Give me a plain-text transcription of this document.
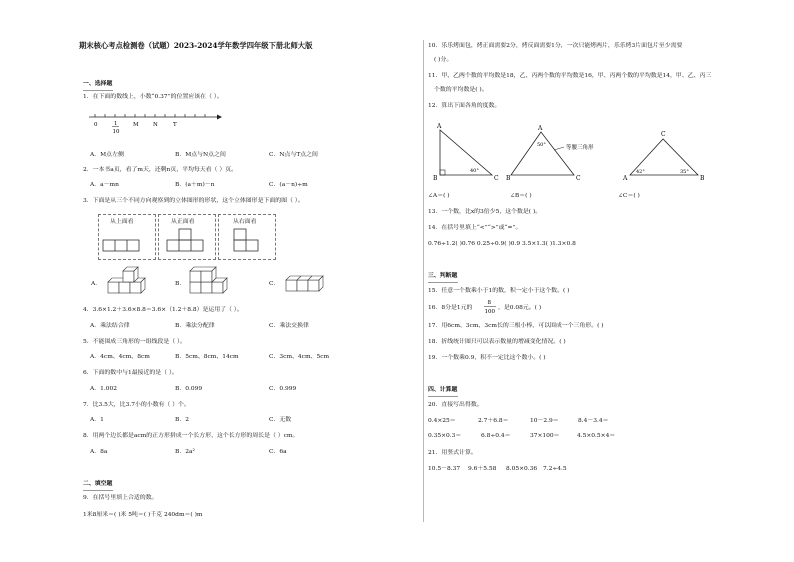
期末核心考点检测卷（试题）2023-2024学年数学四年级下册北师大版
一、选择题
1．在下面的数线上，小数“0.37”的位置应该在（ ）。
0	1
10
M	N	T
A．M点左侧	B．M点与N点之间	C．N点与T点之间
2．一本书a页，看了m天，还剩n页，平均每天看（ ）页。
A．a－mn	B．(a＋m)－n	C．(a－n)÷m
3．下面是从三个不同方向观察到的立体图形的形状，这个立体图形是下面的图（ ）。
从上面看	从正面看	从右面看
A．	B．	C．
4．3.6×1.2＋3.6×8.8＝3.6×（1.2＋8.8）是运用了（ ）。
A．乘法结合律	B．乘法分配律	C．乘法交换律
5．不能围成三角形的一组线段是（ ）。
A．4cm、4cm、8cm	B．5cm、8cm、14cm	C．3cm、4cm、5cm
6．下面的数中与1最接近的是（ ）。
A．1.002	B．0.099	C．0.999
7．比3.5大，比3.7小的小数有（ ）个。
A．1	B．2	C．无数
8．用两个边长都是acm的正方形拼成一个长方形，这个长方形的周长是（ ）cm。
A．8a	B．2a²	C．6a
二、填空题
9．在括号里填上合适的数。
1米8厘米＝( )米 5吨＝( )千克 240dm＝( )m
10．乐乐烤面包，烤正面需要2分，烤反面需要1分，一次只能烤两片，乐乐烤3片面包片至少需要
( )分。
11．甲、乙两个数的平均数是18，乙、丙两个数的平均数是16，甲、丙两个数的平均数是14，甲、乙、丙三
个数的平均数是( )。
12．算出下面各角的度数。
A
B	C
40°
A
B	C
50°	等腰三角形
A
C
B
42°	35°
∠A＝( )	∠B＝( )	∠C＝( )
13．一个数，比x的3倍少5，这个数是( )。
14．在括号里填上“<”“>”或“=”。
0.76÷1.2( )0.76 0.25÷0.9( )0.9 3.5×1.3( )1.3×0.8
三、判断题
15．任意一个数乘小于1的数，积一定小于这个数。( )
16．8分是1元的
8
100
，是0.08元。( )
17．用6cm、3cm、3cm长的三根小棒，可以围成一个三角形。( )
18．折线统计图只可以表示数量的增减变化情况。( )
19．一个数乘0.9，积不一定比这个数小。( )
四、计算题
20．直接写出得数。
0.4×25＝	2.7＋6.8＝	10－2.9＝	8.4－3.4＝
0.35×0.3＝	6.8÷0.4＝	37×100＝	4.5×0.5×4＝
21．用竖式计算。
10.5－8.37 9.6＋5.58 8.05×0.36 7.2÷4.5
